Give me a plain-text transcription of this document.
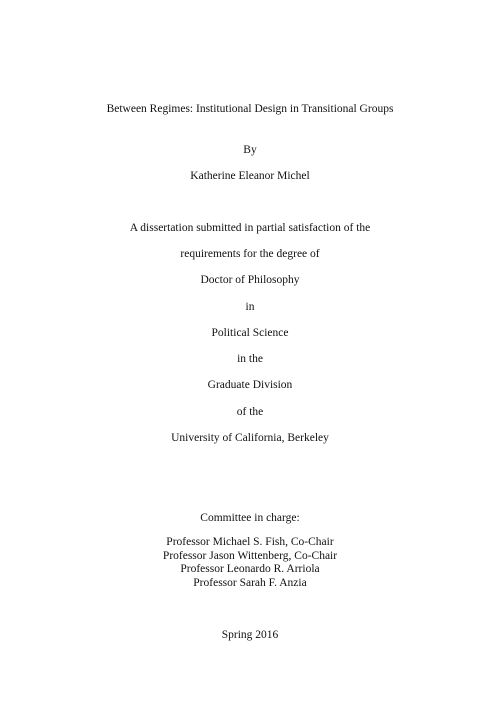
Between Regimes: Institutional Design in Transitional Groups
By
Katherine Eleanor Michel
A dissertation submitted in partial satisfaction of the
requirements for the degree of
Doctor of Philosophy
in
Political Science
in the
Graduate Division
of the
University of California, Berkeley
Committee in charge:
Professor Michael S. Fish, Co-Chair
Professor Jason Wittenberg, Co-Chair
Professor Leonardo R. Arriola
Professor Sarah F. Anzia
Spring 2016
